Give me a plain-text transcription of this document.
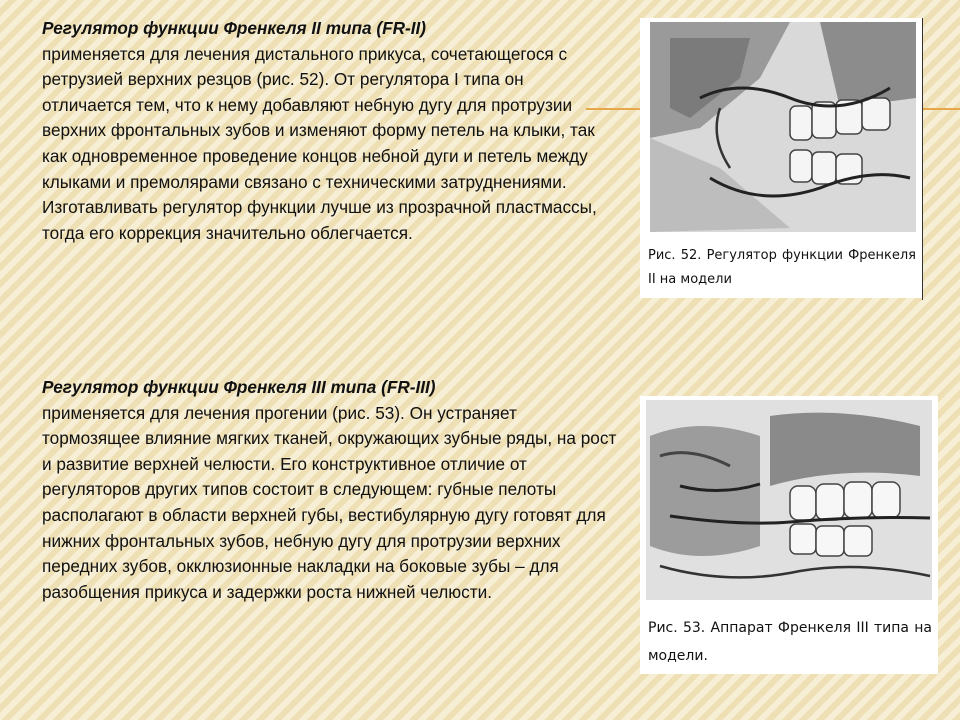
Регулятор функции Френкеля II типа (FR-II)
применяется для лечения дистального прикуса, сочетающегося с ретрузией верхних резцов (рис. 52). От регулятора I типа он отличается тем, что к нему добавляют небную дугу для протрузии верхних фронтальных зубов и изменяют форму петель на клыки, так как одновременное проведение концов небной дуги и петель между клыками и премолярами связано с техническими затруднениями. Изготавливать регулятор функции лучше из прозрачной пластмассы, тогда его коррекция значительно облегчается.
Регулятор функции Френкеля III типа (FR-III)
применяется для лечения прогении (рис. 53). Он устраняет тормозящее влияние мягких тканей, окружающих зубные ряды, на рост и развитие верхней челюсти. Его конструктивное отличие от регуляторов других типов состоит в следующем: губные пелоты располагают в области верхней губы, вестибулярную дугу готовят для нижних фронтальных зубов, небную дугу для протрузии верхних передних зубов, окклюзионные накладки на боковые зубы – для разобщения прикуса и задержки роста нижней челюсти.
Рис. 52. Регулятор функции Френкеля II на модели
Рис. 53. Аппарат Френкеля III типа на модели.
